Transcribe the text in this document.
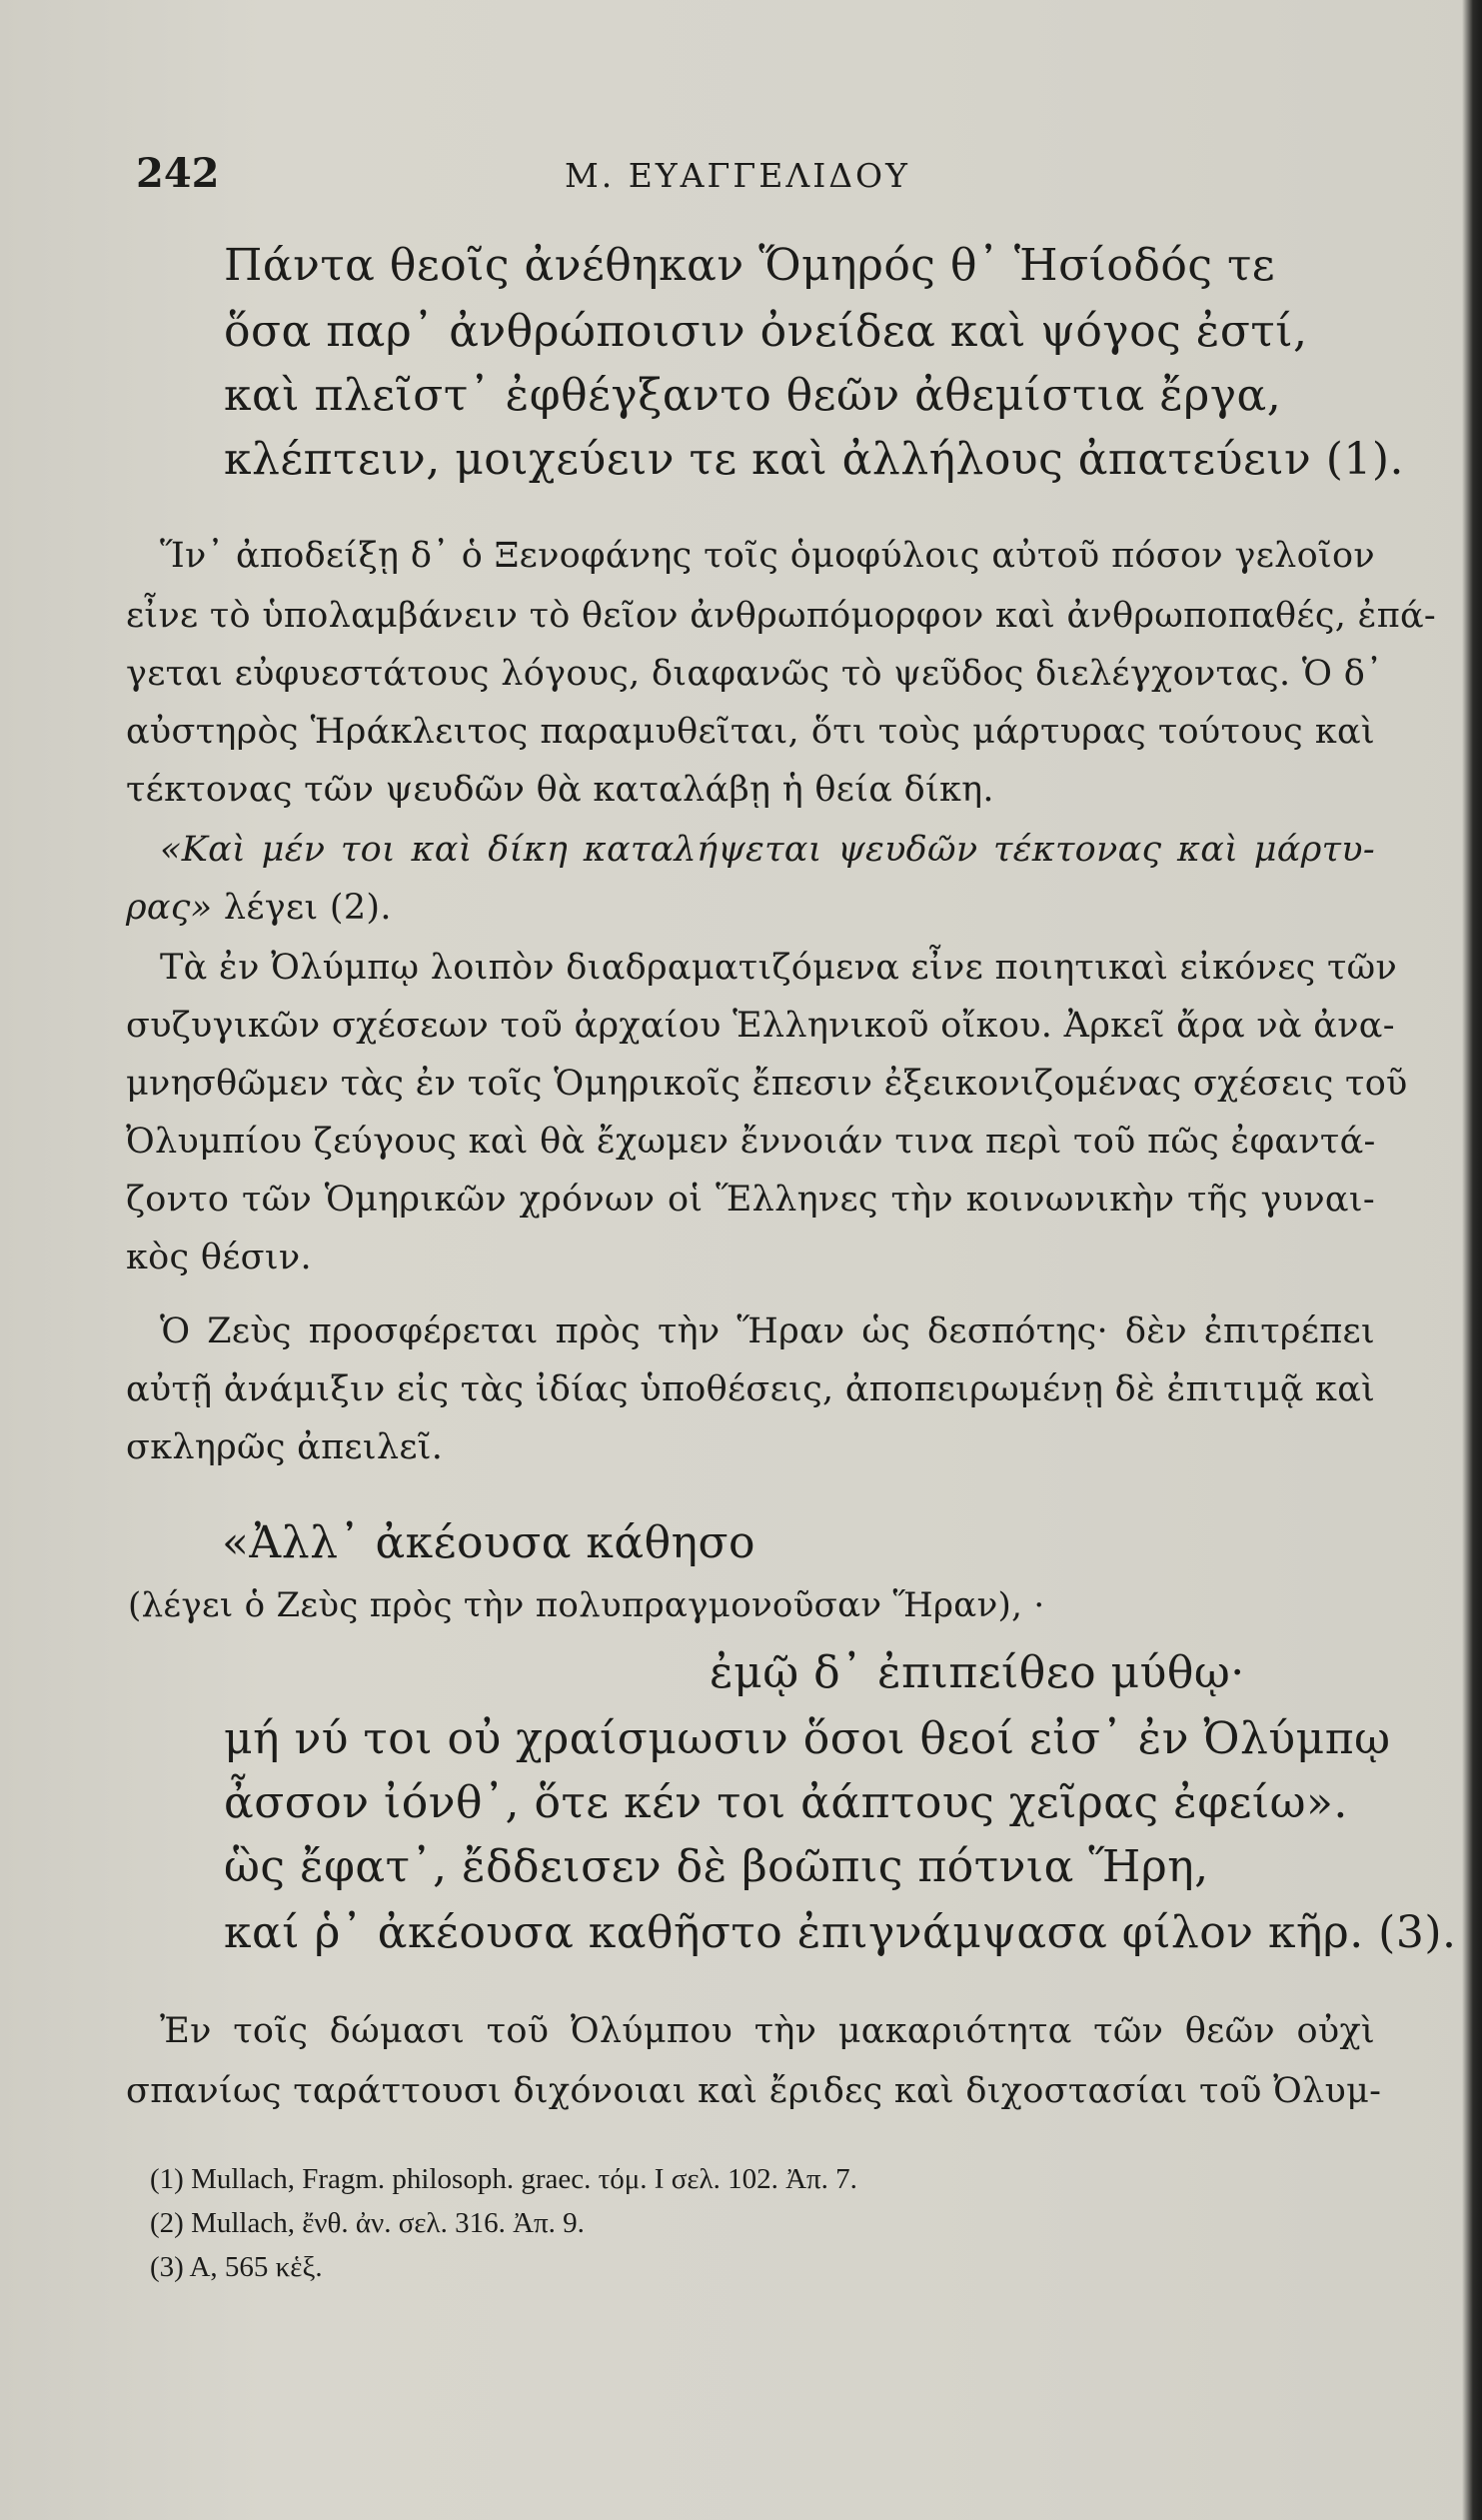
242	Μ. ΕΥΑΓΓΕΛΙΔΟΥ
Πάντα θεοῖς ἀνέθηκαν Ὅμηρός θ᾽ Ἡσίοδός τε
ὅσα παρ᾽ ἀνθρώποισιν ὀνείδεα καὶ ψόγος ἐστί,
καὶ πλεῖστ᾽ ἐφθέγξαντο θεῶν ἀθεμίστια ἔργα,
κλέπτειν, μοιχεύειν τε καὶ ἀλλήλους ἀπατεύειν (1).
Ἵν᾽ ἀποδείξῃ δ᾽ ὁ Ξενοφάνης τοῖς ὁμοφύλοις αὐτοῦ πόσον γελοῖον
εἶνε τὸ ὑπολαμβάνειν τὸ θεῖον ἀνθρωπόμορφον καὶ ἀνθρωποπαθές, ἐπά-
γεται εὐφυεστάτους λόγους, διαφανῶς τὸ ψεῦδος διελέγχοντας. Ὁ δ᾽
αὐστηρὸς Ἡράκλειτος παραμυθεῖται, ὅτι τοὺς μάρτυρας τούτους καὶ
τέκτονας τῶν ψευδῶν θὰ καταλάβῃ ἡ θεία δίκη.
«Καὶ μέν τοι καὶ δίκη καταλήψεται ψευδῶν τέκτονας καὶ μάρτυ-
ρας» λέγει (2).
Τὰ ἐν Ὀλύμπῳ λοιπὸν διαδραματιζόμενα εἶνε ποιητικαὶ εἰκόνες τῶν
συζυγικῶν σχέσεων τοῦ ἀρχαίου Ἑλληνικοῦ οἴκου. Ἀρκεῖ ἄρα νὰ ἀνα-
μνησθῶμεν τὰς ἐν τοῖς Ὁμηρικοῖς ἔπεσιν ἐξεικονιζομένας σχέσεις τοῦ
Ὀλυμπίου ζεύγους καὶ θὰ ἔχωμεν ἔννοιάν τινα περὶ τοῦ πῶς ἐφαντά-
ζοντο τῶν Ὁμηρικῶν χρόνων οἱ Ἕλληνες τὴν κοινωνικὴν τῆς γυναι-
κὸς θέσιν.
Ὁ Ζεὺς προσφέρεται πρὸς τὴν Ἥραν ὡς δεσπότης· δὲν ἐπιτρέπει
αὐτῇ ἀνάμιξιν εἰς τὰς ἰδίας ὑποθέσεις, ἀποπειρωμένῃ δὲ ἐπιτιμᾷ καὶ
σκληρῶς ἀπειλεῖ.
«Ἀλλ᾽ ἀκέουσα κάθησο
(λέγει ὁ Ζεὺς πρὸς τὴν πολυπραγμονοῦσαν Ἥραν), ·
ἐμῷ δ᾽ ἐπιπείθεο μύθῳ·
μή νύ τοι οὐ χραίσμωσιν ὅσοι θεοί εἰσ᾽ ἐν Ὀλύμπῳ
ἆσσον ἰόνθ᾽, ὅτε κέν τοι ἀάπτους χεῖρας ἐφείω».
ὣς ἔφατ᾽, ἔδδεισεν δὲ βοῶπις πότνια Ἥρη,
καί ῥ᾽ ἀκέουσα καθῆστο ἐπιγνάμψασα φίλον κῆρ. (3).
Ἐν τοῖς δώμασι τοῦ Ὀλύμπου τὴν μακαριότητα τῶν θεῶν οὐχὶ
σπανίως ταράττουσι διχόνοιαι καὶ ἔριδες καὶ διχοστασίαι τοῦ Ὀλυμ-
(1) Mullach, Fragm. philosoph. graec. τόμ. Ι σελ. 102. Ἀπ. 7.
(2) Mullach, ἔνθ. ἀν. σελ. 316. Ἀπ. 9.
(3) Α, 565 κἑξ.
